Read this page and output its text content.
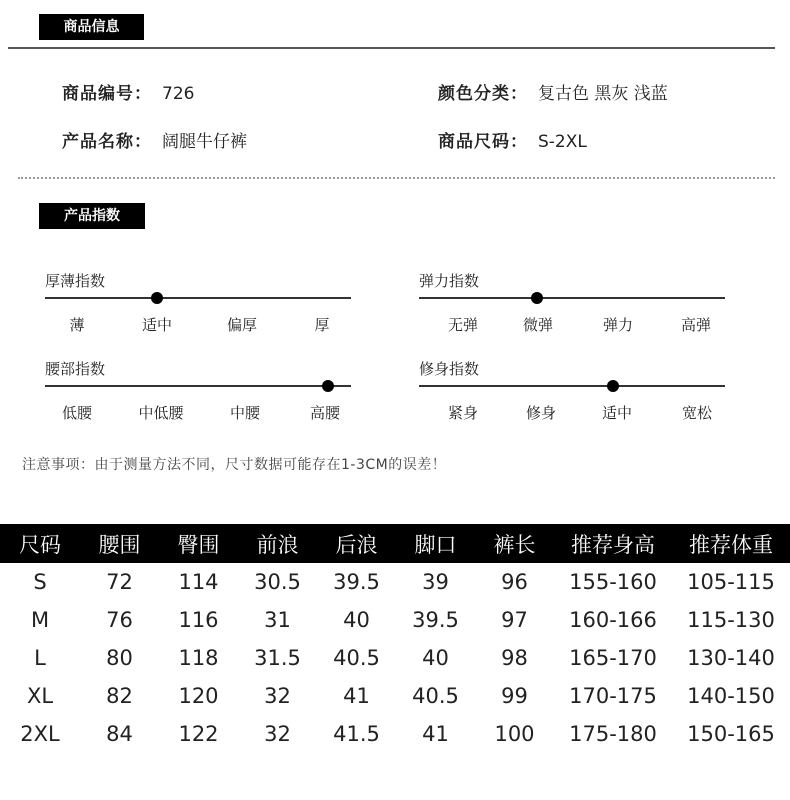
商品信息
商品编号： 726	颜色分类： 复古色 黑灰 浅蓝
产品名称： 阔腿牛仔裤	商品尺码： S-2XL
产品指数
厚薄指数
薄	适中	偏厚	厚
弹力指数
无弹	微弹	弹力	高弹
腰部指数
低腰	中低腰	中腰	高腰
修身指数
紧身	修身	适中	宽松
注意事项：由于测量方法不同，尺寸数据可能存在1-3CM的误差！
尺码	腰围	臀围	前浪	后浪	脚口	裤长	推荐身高	推荐体重
S	72	114	30.5	39.5	39	96	155-160	105-115
M	76	116	31	40	39.5	97	160-166	115-130
L	80	118	31.5	40.5	40	98	165-170	130-140
XL	82	120	32	41	40.5	99	170-175	140-150
2XL	84	122	32	41.5	41	100	175-180	150-165
